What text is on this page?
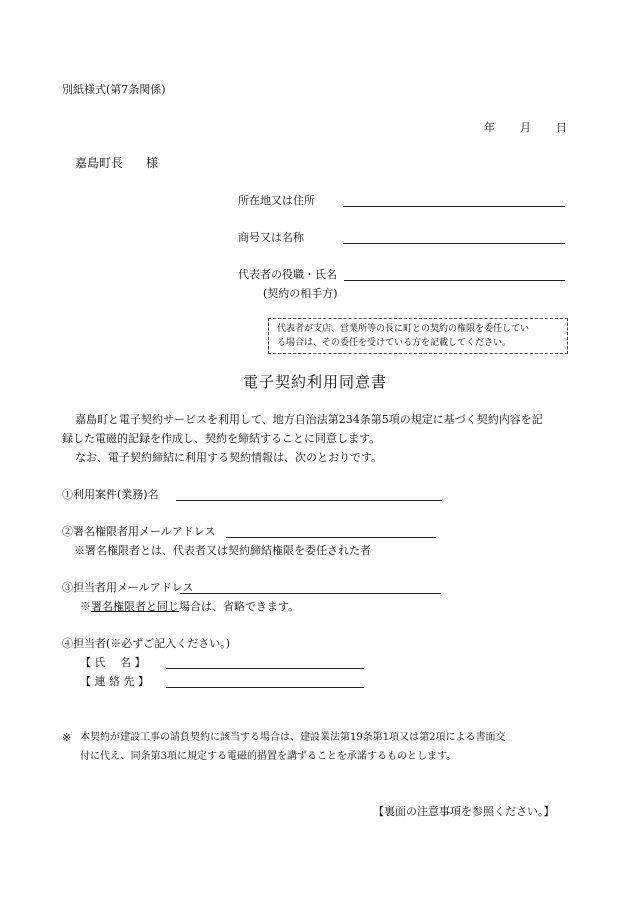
別紙様式(第7条関係)
年 月 日
嘉島町長 様
所在地又は住所
商号又は名称
代表者の役職・氏名
(契約の相手方)
代表者が支店、営業所等の長に町との契約の権限を委任してい
る場合は、その委任を受けている方を記載してください。
電子契約利用同意書
嘉島町と電子契約サービスを利用して、地方自治法第234条第5項の規定に基づく契約内容を記
録した電磁的記録を作成し、契約を締結することに同意します。
なお、電子契約締結に利用する契約情報は、次のとおりです。
①利用案件(業務)名
②署名権限者用メールアドレス
※署名権限者とは、代表者又は契約締結権限を委任された者
③担当者用メールアドレス
※署名権限者と同じ場合は、省略できます。
④担当者(※必ずご記入ください。)
【 氏　 名 】
【 連 絡 先 】
※ 本契約が建設工事の請負契約に該当する場合は、建設業法第19条第1項又は第2項による書面交
付に代え、同条第3項に規定する電磁的措置を講ずることを承諾するものとします。
【裏面の注意事項を参照ください。】
